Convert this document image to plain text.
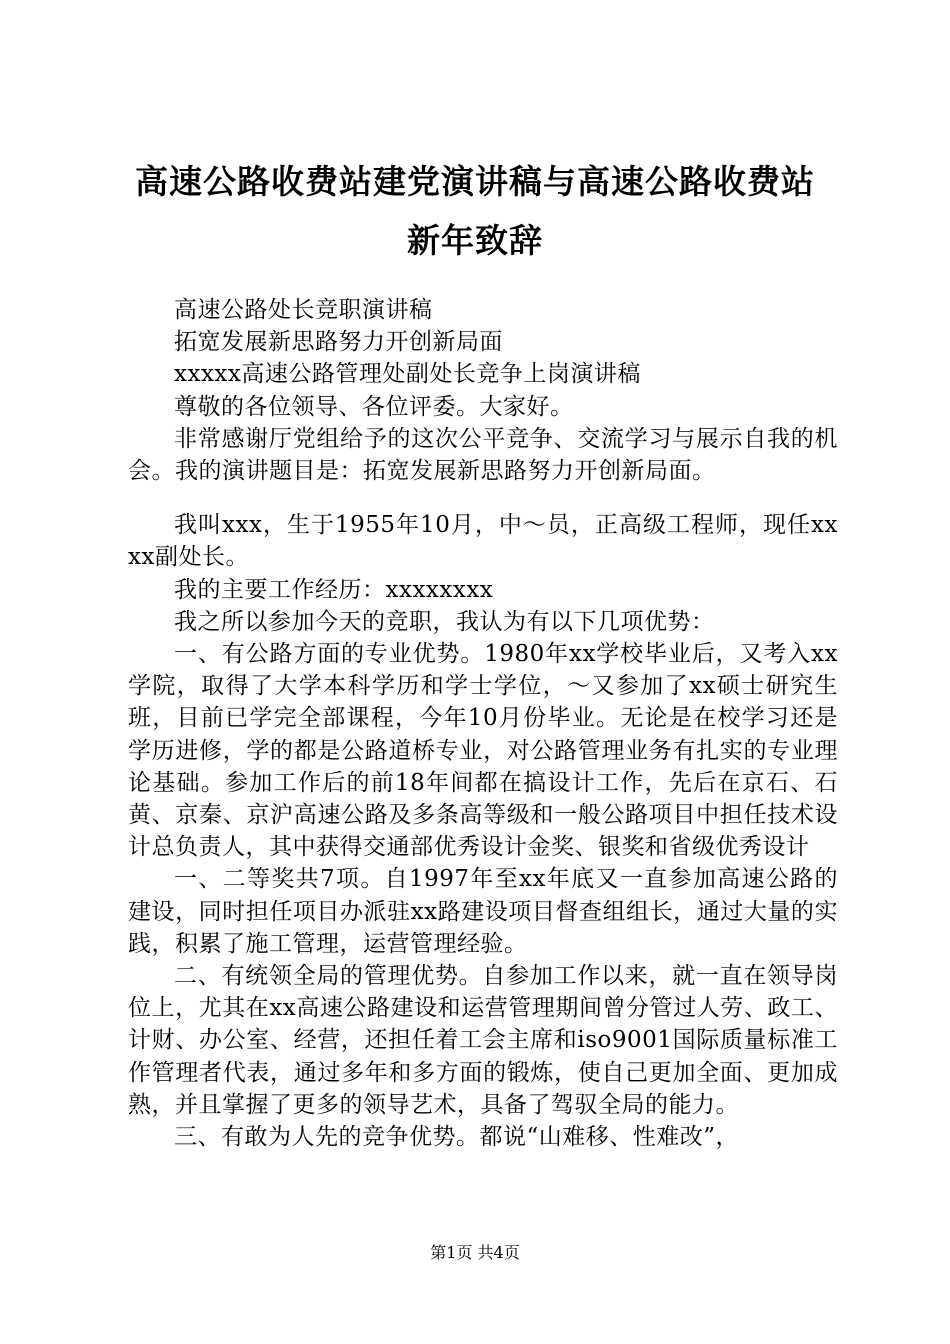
高速公路收费站建党演讲稿与高速公路收费站
新年致辞

高速公路处长竞职演讲稿

拓宽发展新思路努力开创新局面

xxxxx高速公路管理处副处长竞争上岗演讲稿

尊敬的各位领导、各位评委。大家好。

非常感谢厅党组给予的这次公平竞争、交流学习与展示自我的机会。我的演讲题目是：拓宽发展新思路努力开创新局面。

我叫xxx，生于1955年10月，中～员，正高级工程师，现任xxxx副处长。

我的主要工作经历：xxxxxxxx

我之所以参加今天的竞职，我认为有以下几项优势：

一、有公路方面的专业优势。1980年xx学校毕业后，又考入xx学院，取得了大学本科学历和学士学位，～又参加了xx硕士研究生班，目前已学完全部课程，今年10月份毕业。无论是在校学习还是学历进修，学的都是公路道桥专业，对公路管理业务有扎实的专业理论基础。参加工作后的前18年间都在搞设计工作，先后在京石、石黄、京秦、京沪高速公路及多条高等级和一般公路项目中担任技术设计总负责人，其中获得交通部优秀设计金奖、银奖和省级优秀设计

一、二等奖共7项。自1997年至xx年底又一直参加高速公路的建设，同时担任项目办派驻xx路建设项目督查组组长，通过大量的实践，积累了施工管理，运营管理经验。

二、有统领全局的管理优势。自参加工作以来，就一直在领导岗位上，尤其在xx高速公路建设和运营管理期间曾分管过人劳、政工、计财、办公室、经营，还担任着工会主席和iso9001国际质量标准工作管理者代表，通过多年和多方面的锻炼，使自己更加全面、更加成熟，并且掌握了更多的领导艺术，具备了驾驭全局的能力。

三、有敢为人先的竞争优势。都说“山难移、性难改”，

第1页 共4页
